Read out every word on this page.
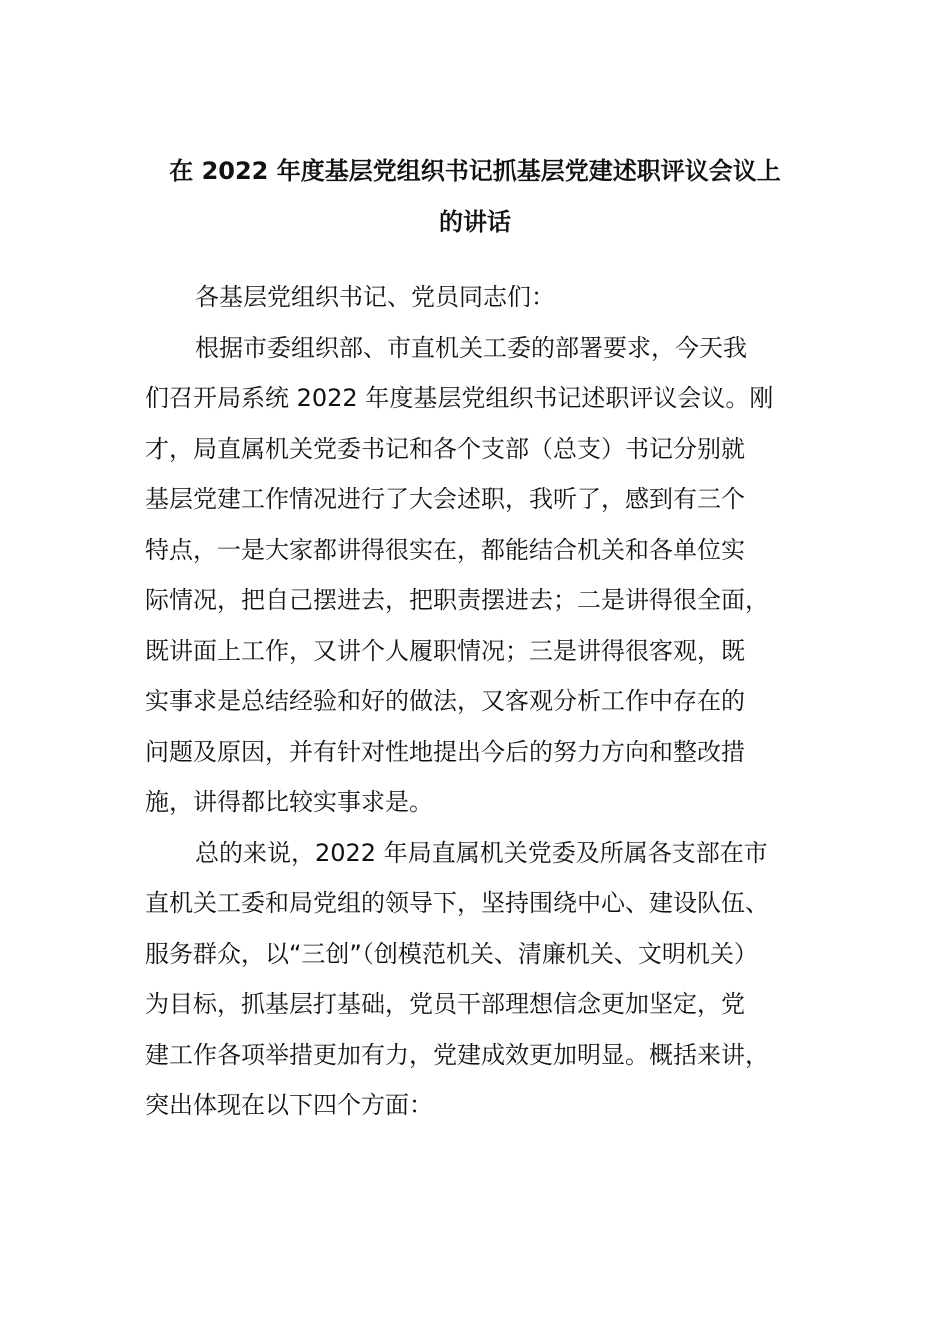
在 2022 年度基层党组织书记抓基层党建述职评议会议上
的讲话
各基层党组织书记、党员同志们：
根据市委组织部、市直机关工委的部署要求，今天我
们召开局系统 2022 年度基层党组织书记述职评议会议。刚
才，局直属机关党委书记和各个支部（总支）书记分别就
基层党建工作情况进行了大会述职，我听了，感到有三个
特点，一是大家都讲得很实在，都能结合机关和各单位实
际情况，把自己摆进去，把职责摆进去；二是讲得很全面，
既讲面上工作，又讲个人履职情况；三是讲得很客观，既
实事求是总结经验和好的做法，又客观分析工作中存在的
问题及原因，并有针对性地提出今后的努力方向和整改措
施，讲得都比较实事求是。
总的来说，2022 年局直属机关党委及所属各支部在市
直机关工委和局党组的领导下，坚持围绕中心、建设队伍、
服务群众，以“三创”（创模范机关、清廉机关、文明机关）
为目标，抓基层打基础，党员干部理想信念更加坚定，党
建工作各项举措更加有力，党建成效更加明显。概括来讲，
突出体现在以下四个方面：
